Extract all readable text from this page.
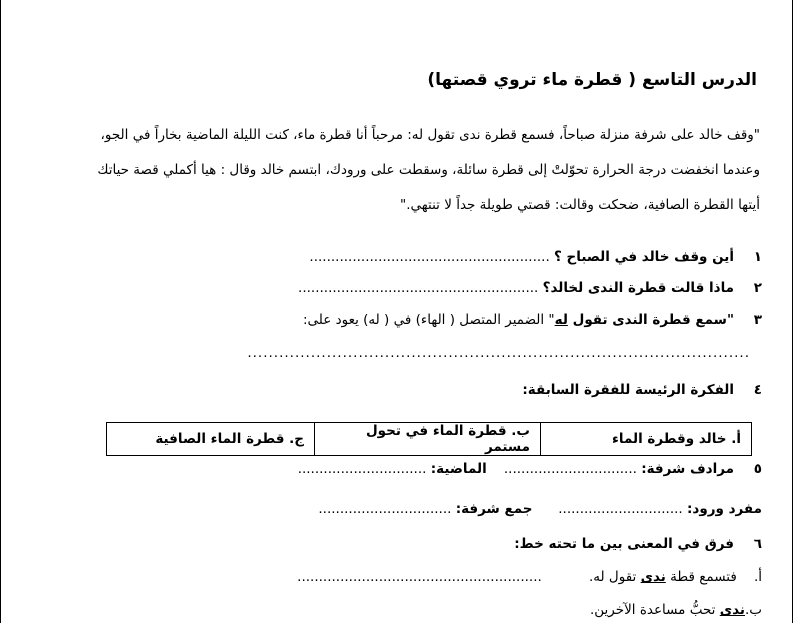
الدرس التاسع ( قطرة ماء تروي قصتها)
"وقف خالد على شرفة منزلة صباحاً، فسمع قطرة ندى تقول له: مرحباً أنا قطرة ماء، كنت الليلة الماضية بخاراً في الجو،
وعندما انخفضت درجة الحرارة تحوّلتْ إلى قطرة سائلة، وسقطت على ورودك، ابتسم خالد وقال : هيا أكملي قصة حياتك
أيتها القطرة الصافية، ضحكت وقالت: قصتي طويلة جداً لا تنتهي."
١أين وقف خالد في الصباح ؟ ........................................................
٢ماذا قالت قطرة الندى لخالد؟ ........................................................
٣"سمع قطرة الندى تقول له" الضمير المتصل ( الهاء) في ( له) يعود على:
...............................................................................................
٤الفكرة الرئيسة للفقرة السابقة:
أ. خالد وقطرة الماء	ب. قطرة الماء في تحول مستمر	ج. قطرة الماء الصافية
٥مرادف شرفة: ...............................    الماضية: ..............................
مفرد ورود: .............................      جمع شرفة: ...............................
٦فرق في المعنى بين ما تحته خط:
أ.    فتسمع قطة ندى تقول له.           .........................................................
ب.ندى تحبُّ مساعدة الآخرين.
